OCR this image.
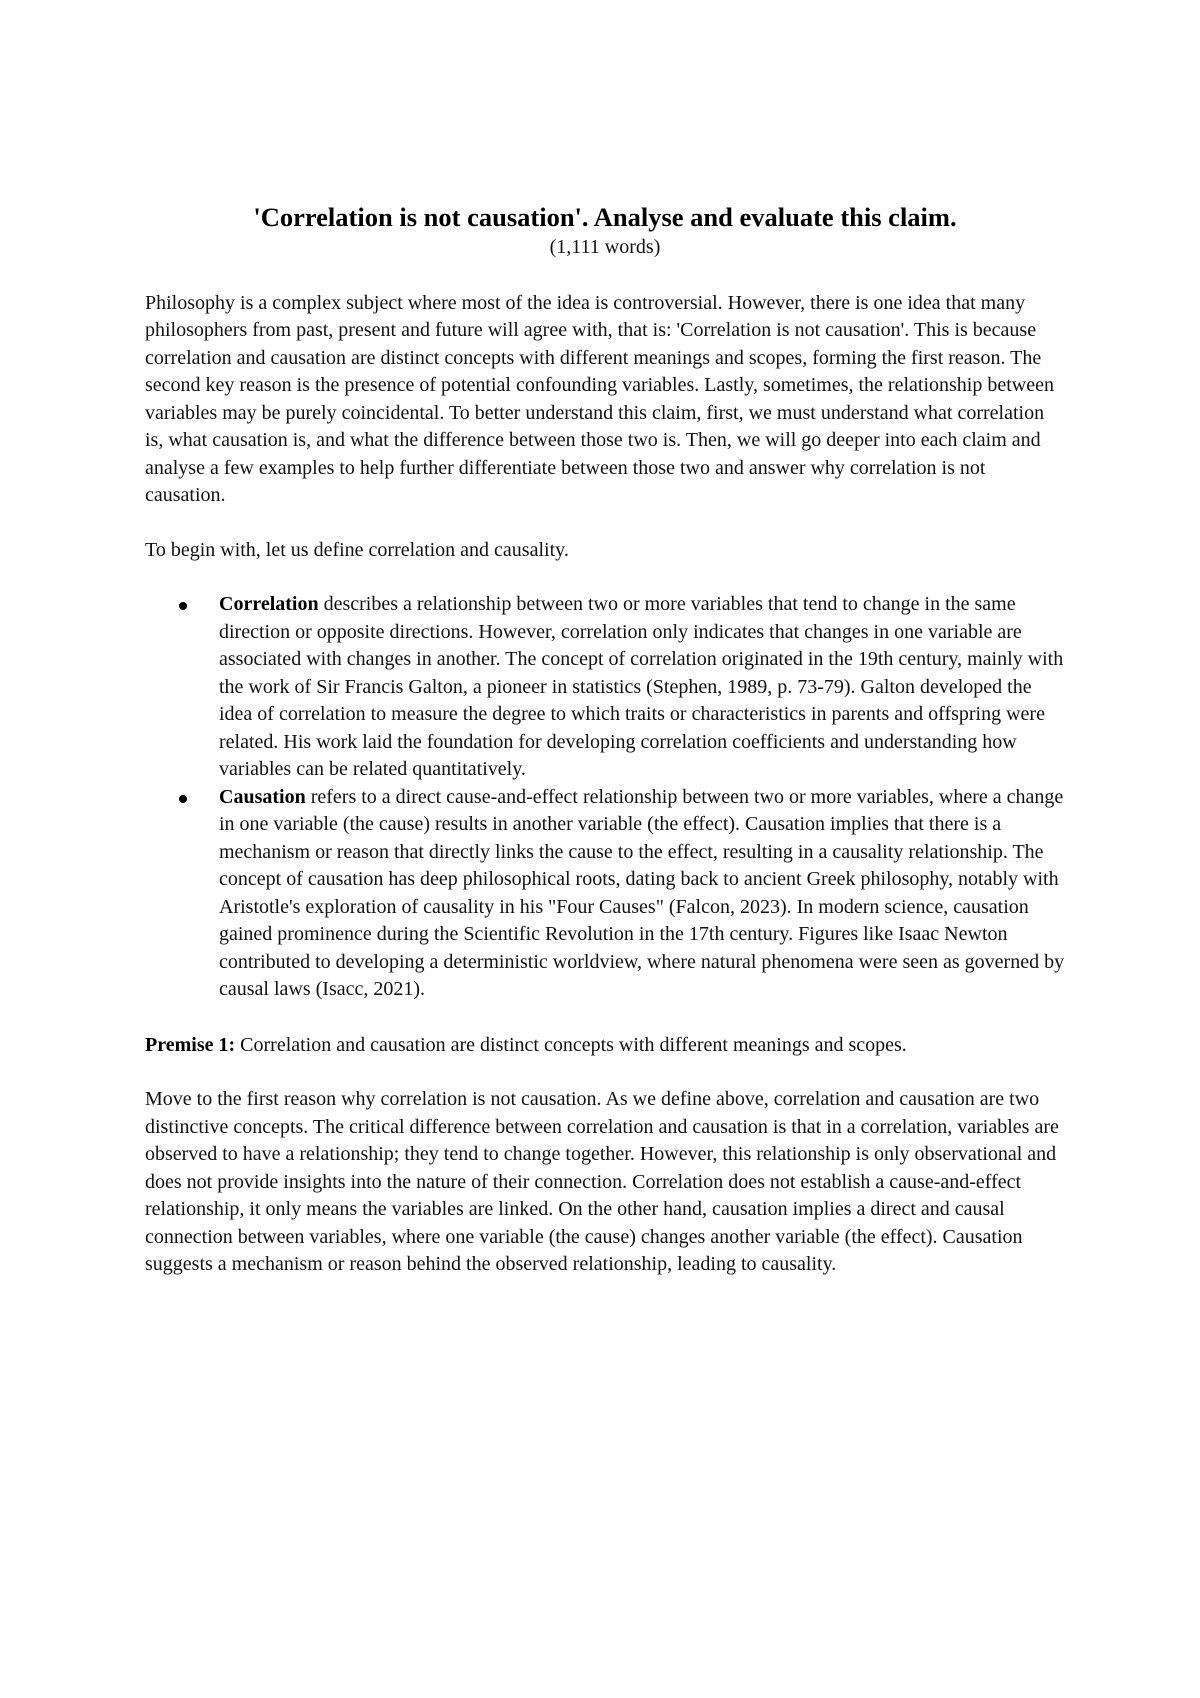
'Correlation is not causation'. Analyse and evaluate this claim.
(1,111 words)

Philosophy is a complex subject where most of the idea is controversial. However, there is one idea that many philosophers from past, present and future will agree with, that is: 'Correlation is not causation'. This is because correlation and causation are distinct concepts with different meanings and scopes, forming the first reason. The second key reason is the presence of potential confounding variables. Lastly, sometimes, the relationship between variables may be purely coincidental. To better understand this claim, first, we must understand what correlation is, what causation is, and what the difference between those two is. Then, we will go deeper into each claim and analyse a few examples to help further differentiate between those two and answer why correlation is not causation.

To begin with, let us define correlation and causality.

Correlation describes a relationship between two or more variables that tend to change in the same direction or opposite directions. However, correlation only indicates that changes in one variable are associated with changes in another. The concept of correlation originated in the 19th century, mainly with the work of Sir Francis Galton, a pioneer in statistics (Stephen, 1989, p. 73-79). Galton developed the idea of correlation to measure the degree to which traits or characteristics in parents and offspring were related. His work laid the foundation for developing correlation coefficients and understanding how variables can be related quantitatively.
Causation refers to a direct cause-and-effect relationship between two or more variables, where a change in one variable (the cause) results in another variable (the effect). Causation implies that there is a mechanism or reason that directly links the cause to the effect, resulting in a causality relationship. The concept of causation has deep philosophical roots, dating back to ancient Greek philosophy, notably with Aristotle's exploration of causality in his "Four Causes" (Falcon, 2023). In modern science, causation gained prominence during the Scientific Revolution in the 17th century. Figures like Isaac Newton contributed to developing a deterministic worldview, where natural phenomena were seen as governed by causal laws (Isacc, 2021).

Premise 1: Correlation and causation are distinct concepts with different meanings and scopes.

Move to the first reason why correlation is not causation. As we define above, correlation and causation are two distinctive concepts. The critical difference between correlation and causation is that in a correlation, variables are observed to have a relationship; they tend to change together. However, this relationship is only observational and does not provide insights into the nature of their connection. Correlation does not establish a cause-and-effect relationship, it only means the variables are linked. On the other hand, causation implies a direct and causal connection between variables, where one variable (the cause) changes another variable (the effect). Causation suggests a mechanism or reason behind the observed relationship, leading to causality.
